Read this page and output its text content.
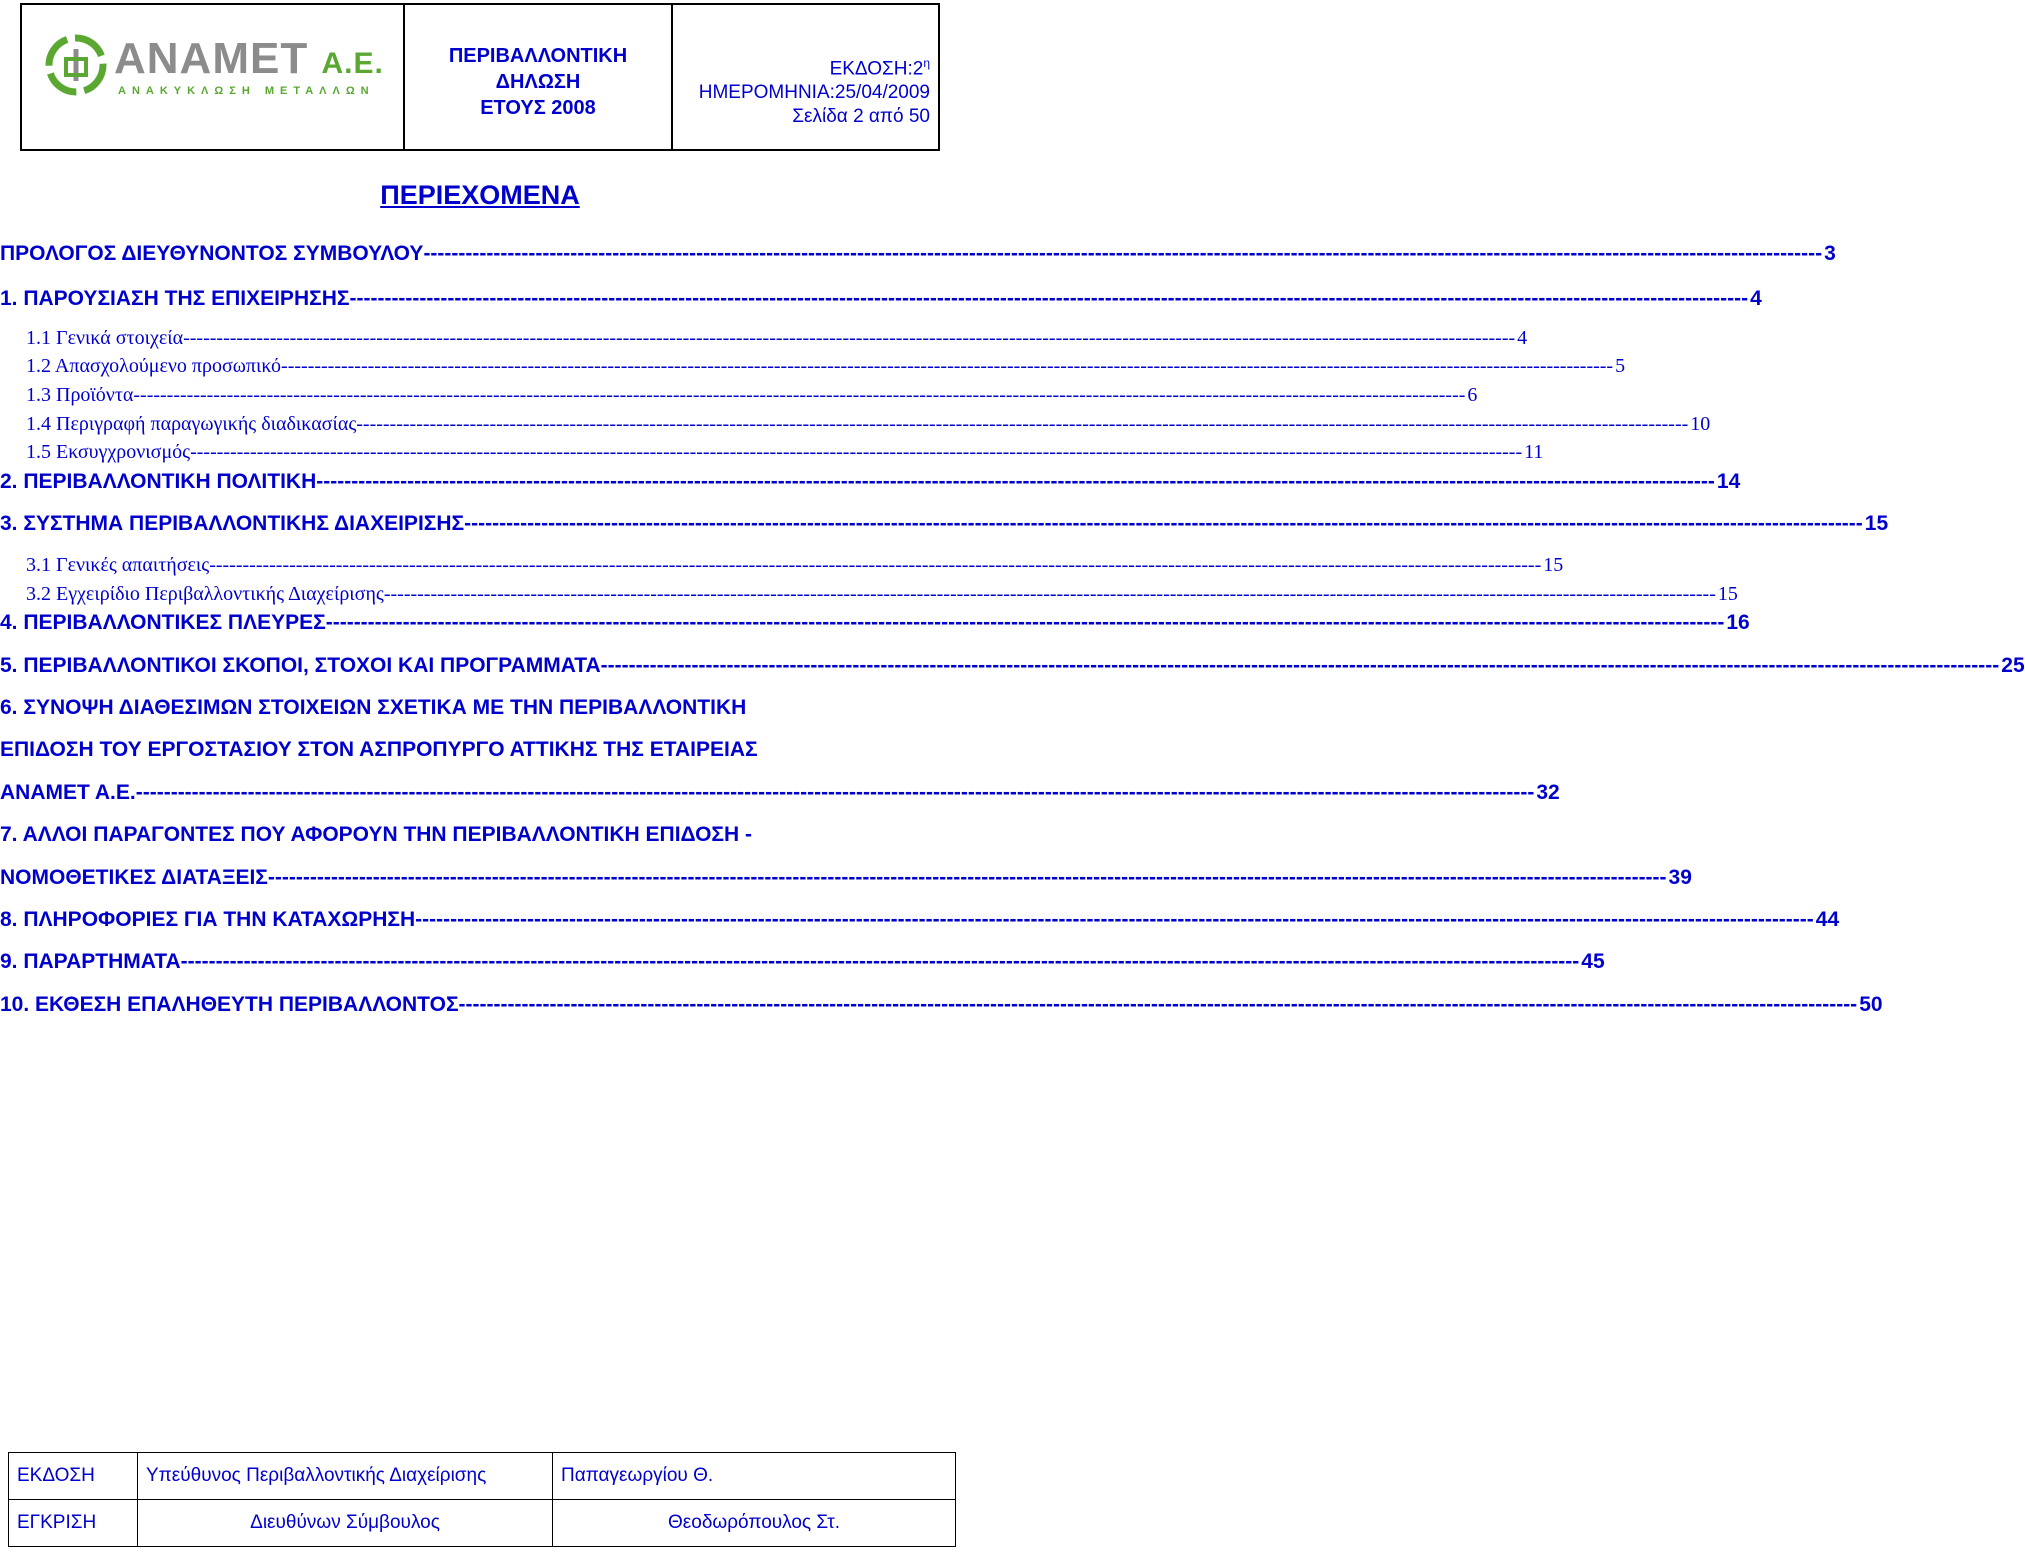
ΑΝΑΜΕΤ Α.Ε.
ΑΝΑΚΥΚΛΩΣΗ ΜΕΤΑΛΛΩΝ
ΠΕΡΙΒΑΛΛΟΝΤΙΚΗ
ΔΗΛΩΣΗ
ΕΤΟΥΣ 2008
$EK\Delta O\Sigma H:2^\eta$
ΗΜΕΡΟΜΗΝΙΑ:25/04/2009
Σελίδα 2 από 50
ΠΕΡΙΕΧΟΜΕΝΑ
ΠΡΟΛΟΓΟΣ ΔΙΕΥΘΥΝΟΝΤΟΣ ΣΥΜΒΟΥΛΟΥ -------------------------------------------------------------------------------------------------------------------------------------------------------------------------------------------------------- 3
1. ΠΑΡΟΥΣΙΑΣΗ ΤΗΣ ΕΠΙΧΕΙΡΗΣΗΣ -------------------------------------------------------------------------------------------------------------------------------------------------------------------------------------------------------- 4
1.1 Γενικά στοιχεία -------------------------------------------------------------------------------------------------------------------------------------------------------------------------------------------------------- 4
1.2 Απασχολούμενο προσωπικό -------------------------------------------------------------------------------------------------------------------------------------------------------------------------------------------------------- 5
1.3 Προϊόντα -------------------------------------------------------------------------------------------------------------------------------------------------------------------------------------------------------- 6
1.4 Περιγραφή παραγωγικής διαδικασίας -------------------------------------------------------------------------------------------------------------------------------------------------------------------------------------------------------- 10
1.5 Εκσυγχρονισμός -------------------------------------------------------------------------------------------------------------------------------------------------------------------------------------------------------- 11
2. ΠΕΡΙΒΑΛΛΟΝΤΙΚΗ ΠΟΛΙΤΙΚΗ -------------------------------------------------------------------------------------------------------------------------------------------------------------------------------------------------------- 14
3. ΣΥΣΤΗΜΑ ΠΕΡΙΒΑΛΛΟΝΤΙΚΗΣ ΔΙΑΧΕΙΡΙΣΗΣ -------------------------------------------------------------------------------------------------------------------------------------------------------------------------------------------------------- 15
3.1 Γενικές απαιτήσεις -------------------------------------------------------------------------------------------------------------------------------------------------------------------------------------------------------- 15
3.2 Εγχειρίδιο Περιβαλλοντικής Διαχείρισης -------------------------------------------------------------------------------------------------------------------------------------------------------------------------------------------------------- 15
4. ΠΕΡΙΒΑΛΛΟΝΤΙΚΕΣ ΠΛΕΥΡΕΣ -------------------------------------------------------------------------------------------------------------------------------------------------------------------------------------------------------- 16
5. ΠΕΡΙΒΑΛΛΟΝΤΙΚΟΙ ΣΚΟΠΟΙ, ΣΤΟΧΟΙ ΚΑΙ ΠΡΟΓΡΑΜΜΑΤΑ -------------------------------------------------------------------------------------------------------------------------------------------------------------------------------------------------------- 25
6. ΣΥΝΟΨΗ ΔΙΑΘΕΣΙΜΩΝ ΣΤΟΙΧΕΙΩΝ ΣΧΕΤΙΚΑ ΜΕ ΤΗΝ ΠΕΡΙΒΑΛΛΟΝΤΙΚΗ
ΕΠΙΔΟΣΗ ΤΟΥ ΕΡΓΟΣΤΑΣΙΟΥ ΣΤΟΝ ΑΣΠΡΟΠΥΡΓΟ ΑΤΤΙΚΗΣ ΤΗΣ ΕΤΑΙΡΕΙΑΣ
ΑΝΑΜΕΤ Α.Ε. -------------------------------------------------------------------------------------------------------------------------------------------------------------------------------------------------------- 32
7. ΑΛΛΟΙ ΠΑΡΑΓΟΝΤΕΣ ΠΟΥ ΑΦΟΡΟΥΝ ΤΗΝ ΠΕΡΙΒΑΛΛΟΝΤΙΚΗ ΕΠΙΔΟΣΗ -
ΝΟΜΟΘΕΤΙΚΕΣ ΔΙΑΤΑΞΕΙΣ -------------------------------------------------------------------------------------------------------------------------------------------------------------------------------------------------------- 39
8. ΠΛΗΡΟΦΟΡΙΕΣ ΓΙΑ ΤΗΝ ΚΑΤΑΧΩΡΗΣΗ -------------------------------------------------------------------------------------------------------------------------------------------------------------------------------------------------------- 44
9. ΠΑΡΑΡΤΗΜΑΤΑ -------------------------------------------------------------------------------------------------------------------------------------------------------------------------------------------------------- 45
10. ΕΚΘΕΣΗ ΕΠΑΛΗΘΕΥΤΗ ΠΕΡΙΒΑΛΛΟΝΤΟΣ -------------------------------------------------------------------------------------------------------------------------------------------------------------------------------------------------------- 50
ΕΚΔΟΣΗ	Υπεύθυνος Περιβαλλοντικής Διαχείρισης	Παπαγεωργίου Θ.
ΕΓΚΡΙΣΗ	Διευθύνων Σύμβουλος	Θεοδωρόπουλος Στ.
